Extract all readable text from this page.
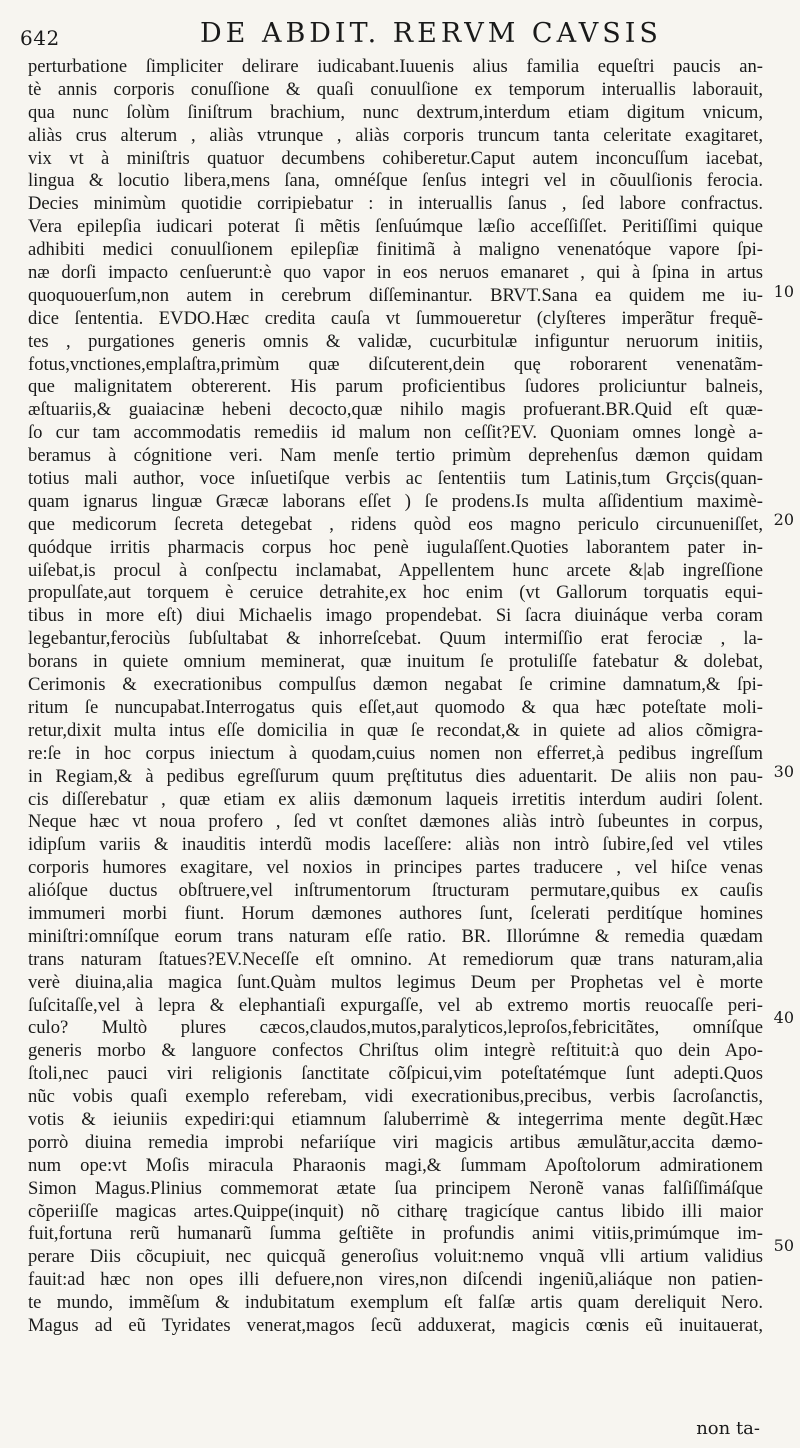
642	DE ABDIT. RERVM CAVSIS
perturbatione ſimpliciter delirare iudicabant.Iuuenis alius familia equeſtri paucis an-
tè annis corporis conuſſione & quaſi conuulſione ex temporum interuallis laborauit,
qua nunc ſolùm ſiniſtrum brachium, nunc dextrum,interdum etiam digitum vnicum,
aliàs crus alterum , aliàs vtrunque , aliàs corporis truncum tanta celeritate exagitaret,
vix vt à miniſtris quatuor decumbens cohiberetur.Caput autem inconcuſſum iacebat,
lingua & locutio libera,mens ſana, omnéſque ſenſus integri vel in cõuulſionis ferocia.
Decies minimùm quotidie corripiebatur : in interuallis ſanus , ſed labore confractus.
Vera epilepſia iudicari poterat ſi mẽtis ſenſuúmque læſio acceſſiſſet. Peritiſſimi quique
adhibiti medici conuulſionem epilepſiæ finitimã à maligno venenatóque vapore ſpi-
næ dorſi impacto cenſuerunt:è quo vapor in eos neruos emanaret , qui à ſpina in artus
quoquouerſum,non autem in cerebrum diſſeminantur. BRVT.Sana ea quidem me iu-
dice ſententia. EVDO.Hæc credita cauſa vt ſummoueretur (clyſteres imperãtur frequẽ-
tes , purgationes generis omnis & validæ, cucurbitulæ infiguntur neruorum initiis,
fotus,vnctiones,emplaſtra,primùm quæ diſcuterent,dein quę roborarent venenatãm-
que malignitatem obtererent. His parum proficientibus ſudores proliciuntur balneis,
æſtuariis,& guaiacinæ hebeni decocto,quæ nihilo magis profuerant.BR.Quid eſt quæ-
ſo cur tam accommodatis remediis id malum non ceſſit?EV. Quoniam omnes longè a-
beramus à cógnitione veri. Nam menſe tertio primùm deprehenſus dæmon quidam
totius mali author, voce inſuetiſque verbis ac ſententiis tum Latinis,tum Grçcis(quan-
quam ignarus linguæ Græcæ laborans eſſet ) ſe prodens.Is multa aſſidentium maximè-
que medicorum ſecreta detegebat , ridens quòd eos magno periculo circunueniſſet,
quódque irritis pharmacis corpus hoc penè iugulaſſent.Quoties laborantem pater in-
uiſebat,is procul à conſpectu inclamabat, Appellentem hunc arcete &|ab ingreſſione
propulſate,aut torquem è ceruice detrahite,ex hoc enim (vt Gallorum torquatis equi-
tibus in more eſt) diui Michaelis imago propendebat. Si ſacra diuináque verba coram
legebantur,ferociùs ſubſultabat & inhorreſcebat. Quum intermiſſio erat ferociæ , la-
borans in quiete omnium meminerat, quæ inuitum ſe protuliſſe fatebatur & dolebat,
Cerimonis & execrationibus compulſus dæmon negabat ſe crimine damnatum,& ſpi-
ritum ſe nuncupabat.Interrogatus quis eſſet,aut quomodo & qua hæc poteſtate moli-
retur,dixit multa intus eſſe domicilia in quæ ſe recondat,& in quiete ad alios cõmigra-
re:ſe in hoc corpus iniectum à quodam,cuius nomen non efferret,à pedibus ingreſſum
in Regiam,& à pedibus egreſſurum quum pręſtitutus dies aduentarit. De aliis non pau-
cis diſſerebatur , quæ etiam ex aliis dæmonum laqueis irretitis interdum audiri ſolent.
Neque hæc vt noua profero , ſed vt conſtet dæmones aliàs intrò ſubeuntes in corpus,
idipſum variis & inauditis interdũ modis laceſſere: aliàs non intrò ſubire,ſed vel vtiles
corporis humores exagitare, vel noxios in principes partes traducere , vel hiſce venas
alióſque ductus obſtruere,vel inſtrumentorum ſtructuram permutare,quibus ex cauſis
immumeri morbi fiunt. Horum dæmones authores ſunt, ſcelerati perditíque homines
miniſtri:omníſque eorum trans naturam eſſe ratio. BR. Illorúmne & remedia quædam
trans naturam ſtatues?EV.Neceſſe eſt omnino. At remediorum quæ trans naturam,alia
verè diuina,alia magica ſunt.Quàm multos legimus Deum per Prophetas vel è morte
ſuſcitaſſe,vel à lepra & elephantiaſi expurgaſſe, vel ab extremo mortis reuocaſſe peri-
culo? Multò plures cæcos,claudos,mutos,paralyticos,leproſos,febricitãtes, omníſque
generis morbo & languore confectos Chriſtus olim integrè reſtituit:à quo dein Apo-
ſtoli,nec pauci viri religionis ſanctitate cõſpicui,vim poteſtatémque ſunt adepti.Quos
nũc vobis quaſi exemplo referebam, vidi execrationibus,precibus, verbis ſacroſanctis,
votis & ieiuniis expediri:qui etiamnum ſaluberrimè & integerrima mente degũt.Hæc
porrò diuina remedia improbi nefariíque viri magicis artibus æmulãtur,accita dæmo-
num ope:vt Moſis miracula Pharaonis magi,& ſummam Apoſtolorum admirationem
Simon Magus.Plinius commemorat ætate ſua principem Neronẽ vanas falſiſſimáſque
cõperiiſſe magicas artes.Quippe(inquit) nõ citharę tragicíque cantus libido illi maior
fuit,fortuna rerũ humanarũ ſumma geſtiẽte in profundis animi vitiis,primúmque im-
perare Diis cõcupiuit, nec quicquã generoſius voluit:nemo vnquã vlli artium validius
fauit:ad hæc non opes illi defuere,non vires,non diſcendi ingeniũ,aliáque non patien-
te mundo, immẽſum & indubitatum exemplum eſt falſæ artis quam dereliquit Nero.
Magus ad eũ Tyridates venerat,magos ſecũ adduxerat, magicis cœnis eũ inuitauerat,
10
20
30
40
50
non ta-
